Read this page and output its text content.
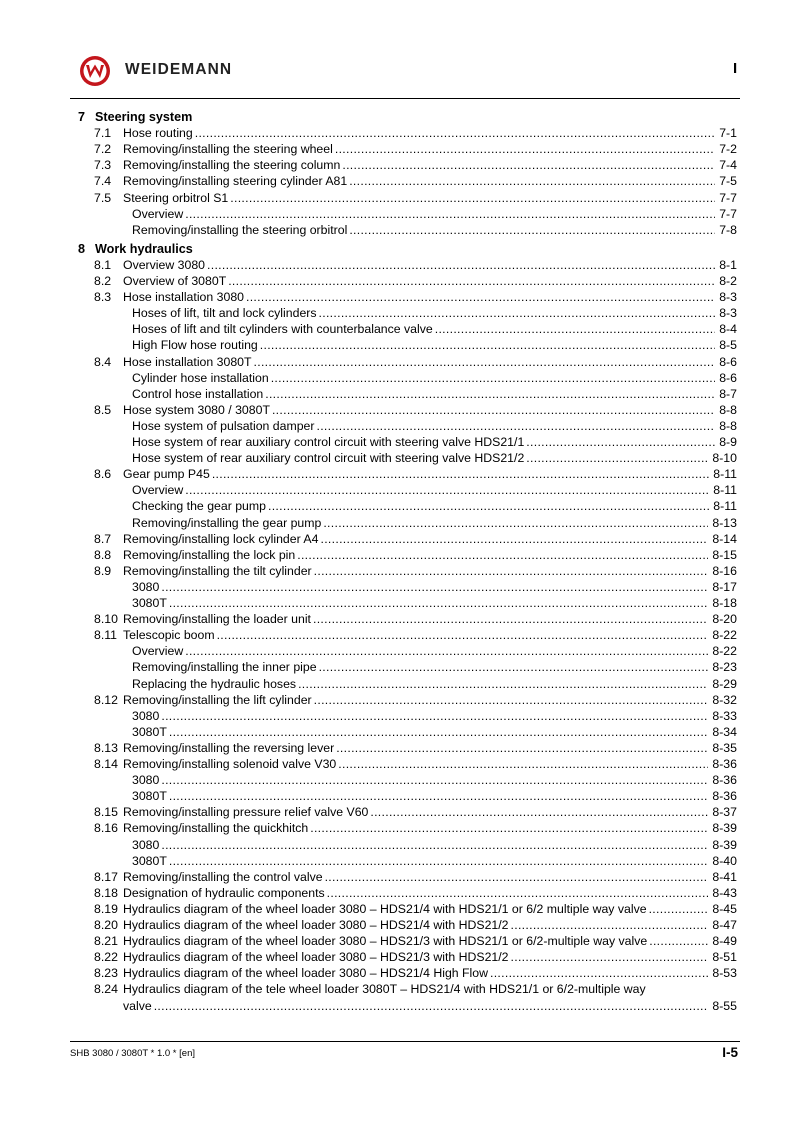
WEIDEMANN	I
7 Steering system
7.1 Hose routing .....	7-1
7.2 Removing/installing the steering wheel .....	7-2
7.3 Removing/installing the steering column .....	7-4
7.4 Removing/installing steering cylinder A81 .....	7-5
7.5 Steering orbitrol S1 .....	7-7
Overview .....	7-7
Removing/installing the steering orbitrol .....	7-8
8 Work hydraulics
8.1 Overview 3080 .....	8-1
8.2 Overview of 3080T .....	8-2
8.3 Hose installation 3080 .....	8-3
Hoses of lift, tilt and lock cylinders .....	8-3
Hoses of lift and tilt cylinders with counterbalance valve .....	8-4
High Flow hose routing .....	8-5
8.4 Hose installation 3080T .....	8-6
Cylinder hose installation .....	8-6
Control hose installation .....	8-7
8.5 Hose system 3080 / 3080T .....	8-8
Hose system of pulsation damper .....	8-8
Hose system of rear auxiliary control circuit with steering valve HDS21/1 .....	8-9
Hose system of rear auxiliary control circuit with steering valve HDS21/2 .....	8-10
8.6 Gear pump P45 .....	8-11
Overview .....	8-11
Checking the gear pump .....	8-11
Removing/installing the gear pump .....	8-13
8.7 Removing/installing lock cylinder A4 .....	8-14
8.8 Removing/installing the lock pin .....	8-15
8.9 Removing/installing the tilt cylinder .....	8-16
3080 .....	8-17
3080T .....	8-18
8.10 Removing/installing the loader unit .....	8-20
8.11 Telescopic boom .....	8-22
Overview .....	8-22
Removing/installing the inner pipe .....	8-23
Replacing the hydraulic hoses .....	8-29
8.12 Removing/installing the lift cylinder .....	8-32
3080 .....	8-33
3080T .....	8-34
8.13 Removing/installing the reversing lever .....	8-35
8.14 Removing/installing solenoid valve V30 .....	8-36
3080 .....	8-36
3080T .....	8-36
8.15 Removing/installing pressure relief valve V60 .....	8-37
8.16 Removing/installing the quickhitch .....	8-39
3080 .....	8-39
3080T .....	8-40
8.17 Removing/installing the control valve .....	8-41
8.18 Designation of hydraulic components .....	8-43
8.19 Hydraulics diagram of the wheel loader 3080 – HDS21/4 with HDS21/1 or 6/2 multiple way valve .....	8-45
8.20 Hydraulics diagram of the wheel loader 3080 – HDS21/4 with HDS21/2 .....	8-47
8.21 Hydraulics diagram of the wheel loader 3080 – HDS21/3 with HDS21/1 or 6/2-multiple way valve .....	8-49
8.22 Hydraulics diagram of the wheel loader 3080 – HDS21/3 with HDS21/2 .....	8-51
8.23 Hydraulics diagram of the wheel loader 3080 – HDS21/4 High Flow .....	8-53
8.24 Hydraulics diagram of the tele wheel loader 3080T – HDS21/4 with HDS21/1 or 6/2-multiple way
valve .....	8-55
SHB 3080 / 3080T * 1.0 * [en]	I-5
